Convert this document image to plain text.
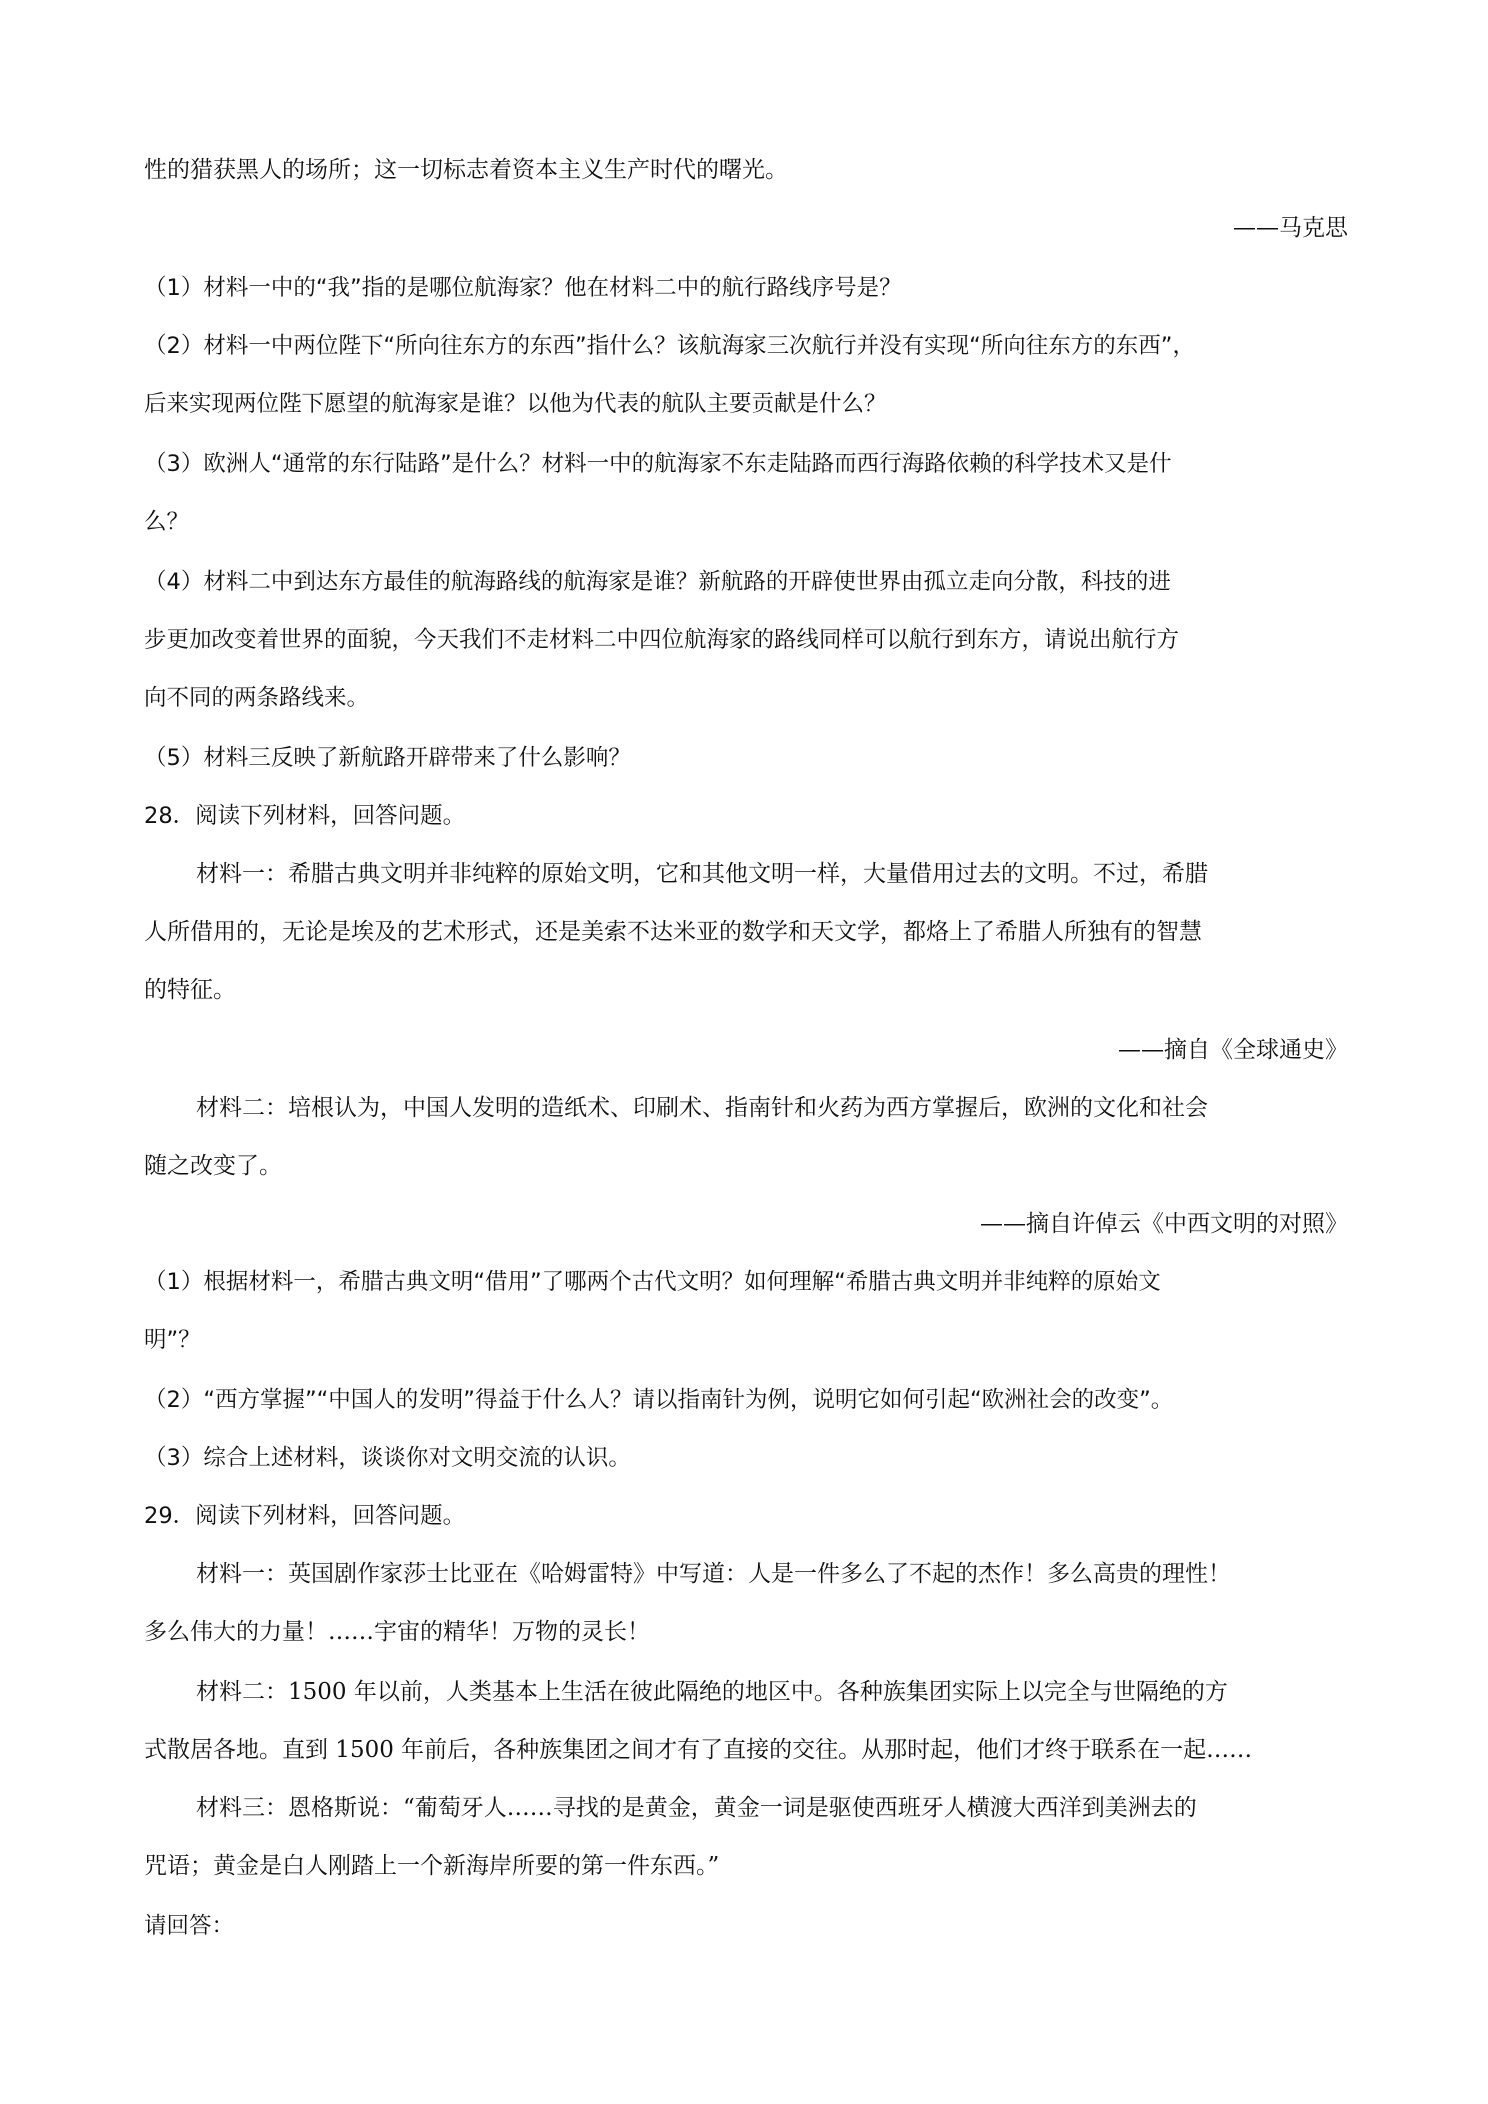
性的猎获黑人的场所；这一切标志着资本主义生产时代的曙光。
——马克思
（1）材料一中的“我”指的是哪位航海家？他在材料二中的航行路线序号是？
（2）材料一中两位陛下“所向往东方的东西”指什么？该航海家三次航行并没有实现“所向往东方的东西”，
后来实现两位陛下愿望的航海家是谁？以他为代表的航队主要贡献是什么？
（3）欧洲人“通常的东行陆路”是什么？材料一中的航海家不东走陆路而西行海路依赖的科学技术又是什
么？
（4）材料二中到达东方最佳的航海路线的航海家是谁？新航路的开辟使世界由孤立走向分散，科技的进
步更加改变着世界的面貌，今天我们不走材料二中四位航海家的路线同样可以航行到东方，请说出航行方
向不同的两条路线来。
（5）材料三反映了新航路开辟带来了什么影响？
28．阅读下列材料，回答问题。
材料一：希腊古典文明并非纯粹的原始文明，它和其他文明一样，大量借用过去的文明。不过，希腊
人所借用的，无论是埃及的艺术形式，还是美索不达米亚的数学和天文学，都烙上了希腊人所独有的智慧
的特征。
——摘自《全球通史》
材料二：培根认为，中国人发明的造纸术、印刷术、指南针和火药为西方掌握后，欧洲的文化和社会
随之改变了。
——摘自许倬云《中西文明的对照》
（1）根据材料一，希腊古典文明“借用”了哪两个古代文明？如何理解“希腊古典文明并非纯粹的原始文
明”？
（2）“西方掌握”“中国人的发明”得益于什么人？请以指南针为例，说明它如何引起“欧洲社会的改变”。
（3）综合上述材料，谈谈你对文明交流的认识。
29．阅读下列材料，回答问题。
材料一：英国剧作家莎士比亚在《哈姆雷特》中写道：人是一件多么了不起的杰作！多么高贵的理性！
多么伟大的力量！……宇宙的精华！万物的灵长！
材料二：1500 年以前，人类基本上生活在彼此隔绝的地区中。各种族集团实际上以完全与世隔绝的方
式散居各地。直到 1500 年前后，各种族集团之间才有了直接的交往。从那时起，他们才终于联系在一起……
材料三：恩格斯说：“葡萄牙人……寻找的是黄金，黄金一词是驱使西班牙人横渡大西洋到美洲去的
咒语；黄金是白人刚踏上一个新海岸所要的第一件东西。”
请回答：
